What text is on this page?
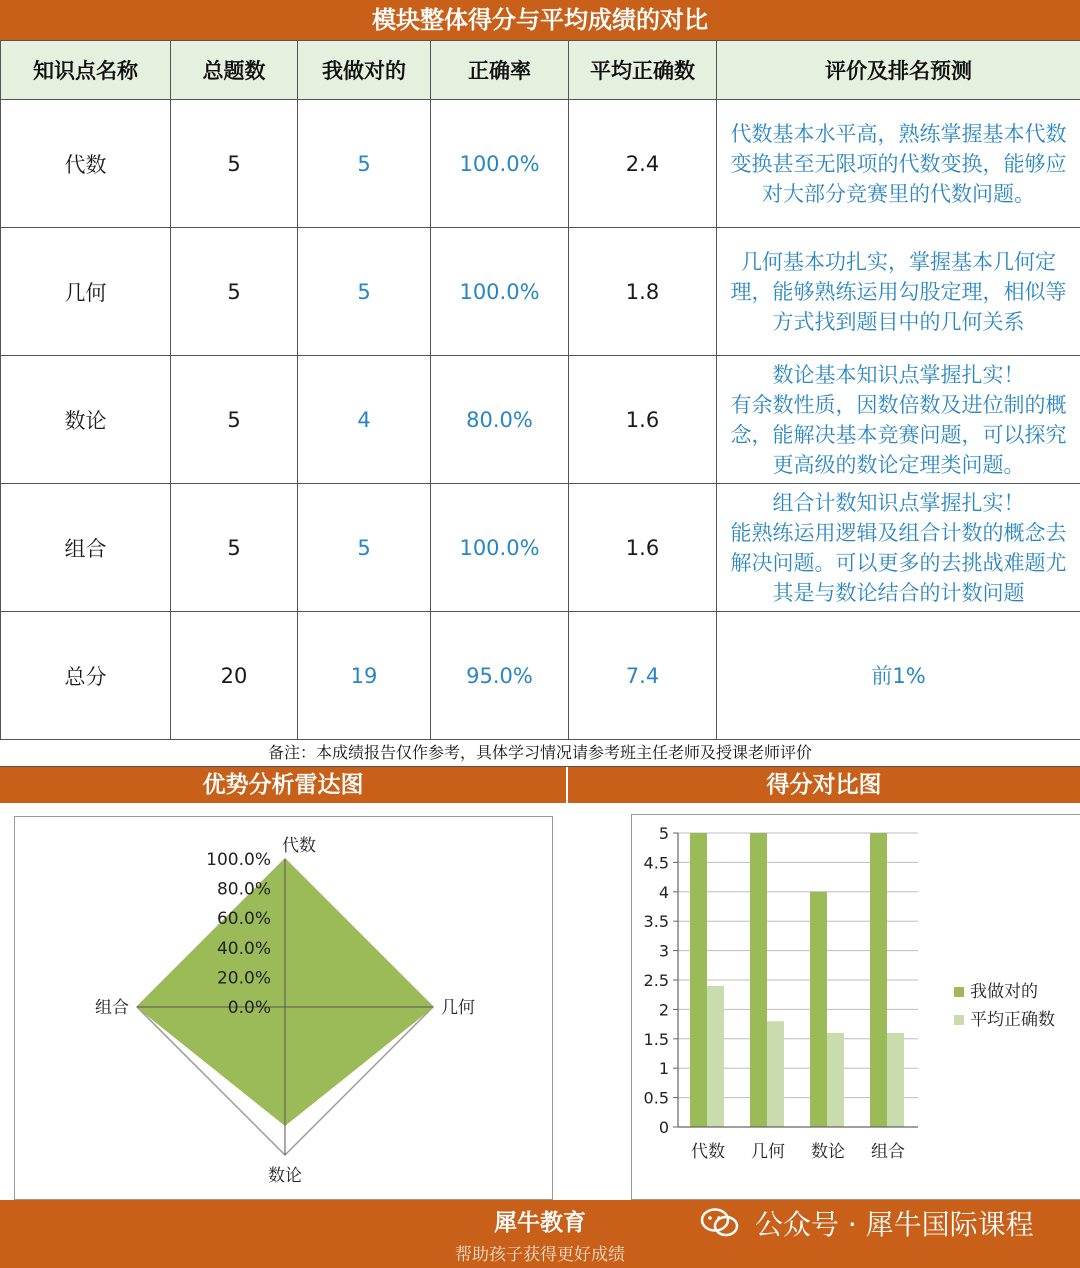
模块整体得分与平均成绩的对比
知识点名称	总题数	我做对的	正确率	平均正确数	评价及排名预测
代数	5	5	100.0%	2.4	代数基本水平高，熟练掌握基本代数
变换甚至无限项的代数变换，能够应
对大部分竞赛里的代数问题。

几何	5	5	100.0%	1.8	几何基本功扎实，掌握基本几何定
理，能够熟练运用勾股定理，相似等
方式找到题目中的几何关系

数论	5	4	80.0%	1.6	数论基本知识点掌握扎实！
有余数性质，因数倍数及进位制的概
念，能解决基本竞赛问题，可以探究
更高级的数论定理类问题。

组合	5	5	100.0%	1.6	组合计数知识点掌握扎实！
能熟练运用逻辑及组合计数的概念去
解决问题。可以更多的去挑战难题尤
其是与数论结合的计数问题

总分	20	19	95.0%	7.4	前1%
备注：本成绩报告仅作参考，具体学习情况请参考班主任老师及授课老师评价
优势分析雷达图	得分对比图
0.0%
20.0%
40.0%
60.0%
80.0%
100.0%
代数
几何
数论
组合
0
0.5
1
1.5
2
2.5
3
3.5
4
4.5
5
代数 几何 数论 组合
我做对的
平均正确数
犀牛教育
帮助孩子获得更好成绩
公众号 · 犀牛国际课程
